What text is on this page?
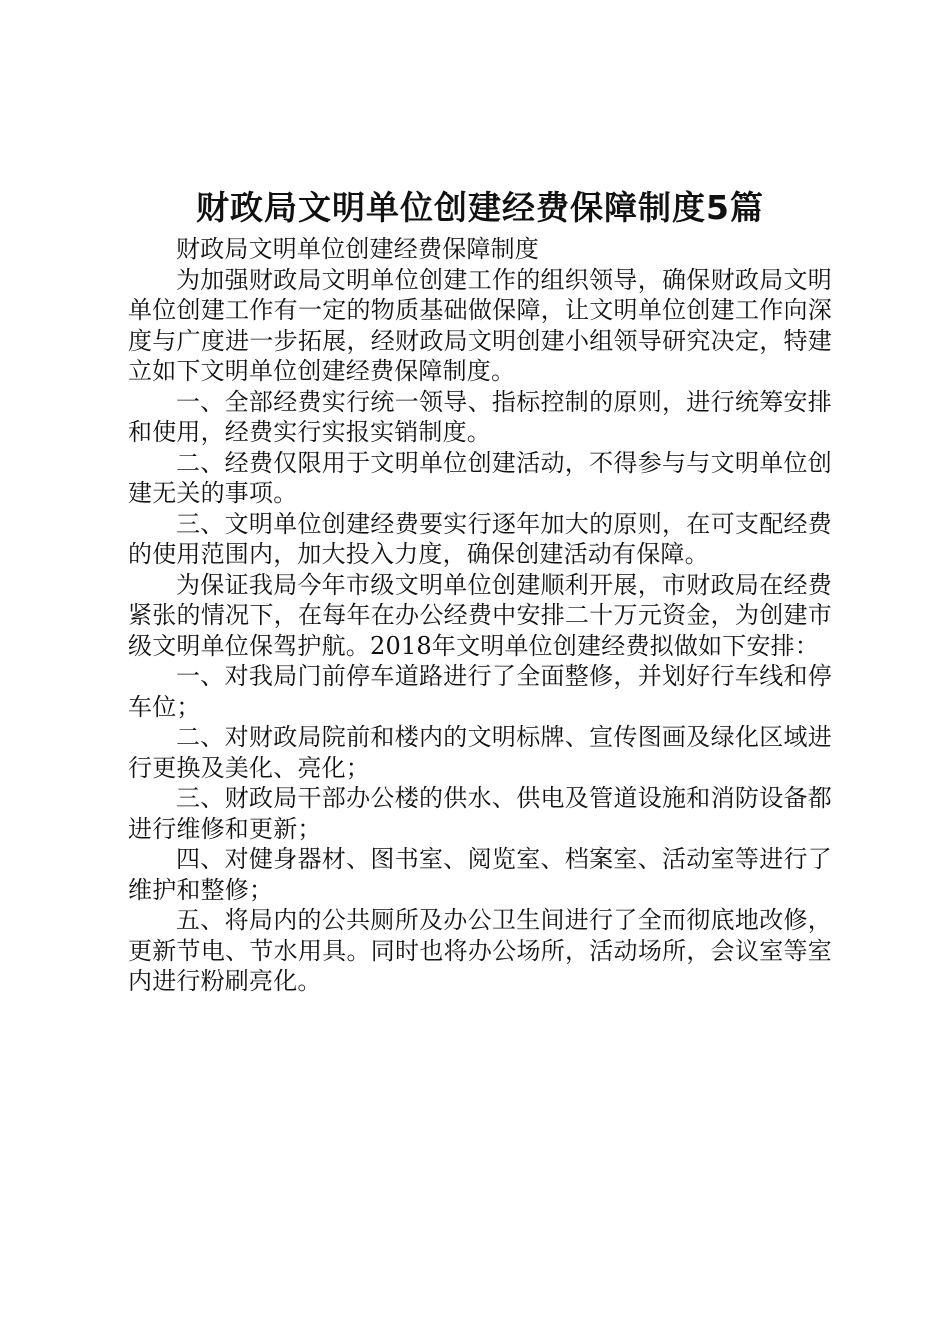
财政局文明单位创建经费保障制度5篇

财政局文明单位创建经费保障制度

为加强财政局文明单位创建工作的组织领导，确保财政局文明单位创建工作有一定的物质基础做保障，让文明单位创建工作向深度与广度进一步拓展，经财政局文明创建小组领导研究决定，特建立如下文明单位创建经费保障制度。

一、全部经费实行统一领导、指标控制的原则，进行统筹安排和使用，经费实行实报实销制度。

二、经费仅限用于文明单位创建活动，不得参与与文明单位创建无关的事项。

三、文明单位创建经费要实行逐年加大的原则，在可支配经费的使用范围内，加大投入力度，确保创建活动有保障。

为保证我局今年市级文明单位创建顺利开展，市财政局在经费紧张的情况下，在每年在办公经费中安排二十万元资金，为创建市级文明单位保驾护航。2018年文明单位创建经费拟做如下安排：

一、对我局门前停车道路进行了全面整修，并划好行车线和停车位；

二、对财政局院前和楼内的文明标牌、宣传图画及绿化区域进行更换及美化、亮化；

三、财政局干部办公楼的供水、供电及管道设施和消防设备都进行维修和更新；

四、对健身器材、图书室、阅览室、档案室、活动室等进行了维护和整修；

五、将局内的公共厕所及办公卫生间进行了全而彻底地改修，更新节电、节水用具。同时也将办公场所，活动场所，会议室等室内进行粉刷亮化。
